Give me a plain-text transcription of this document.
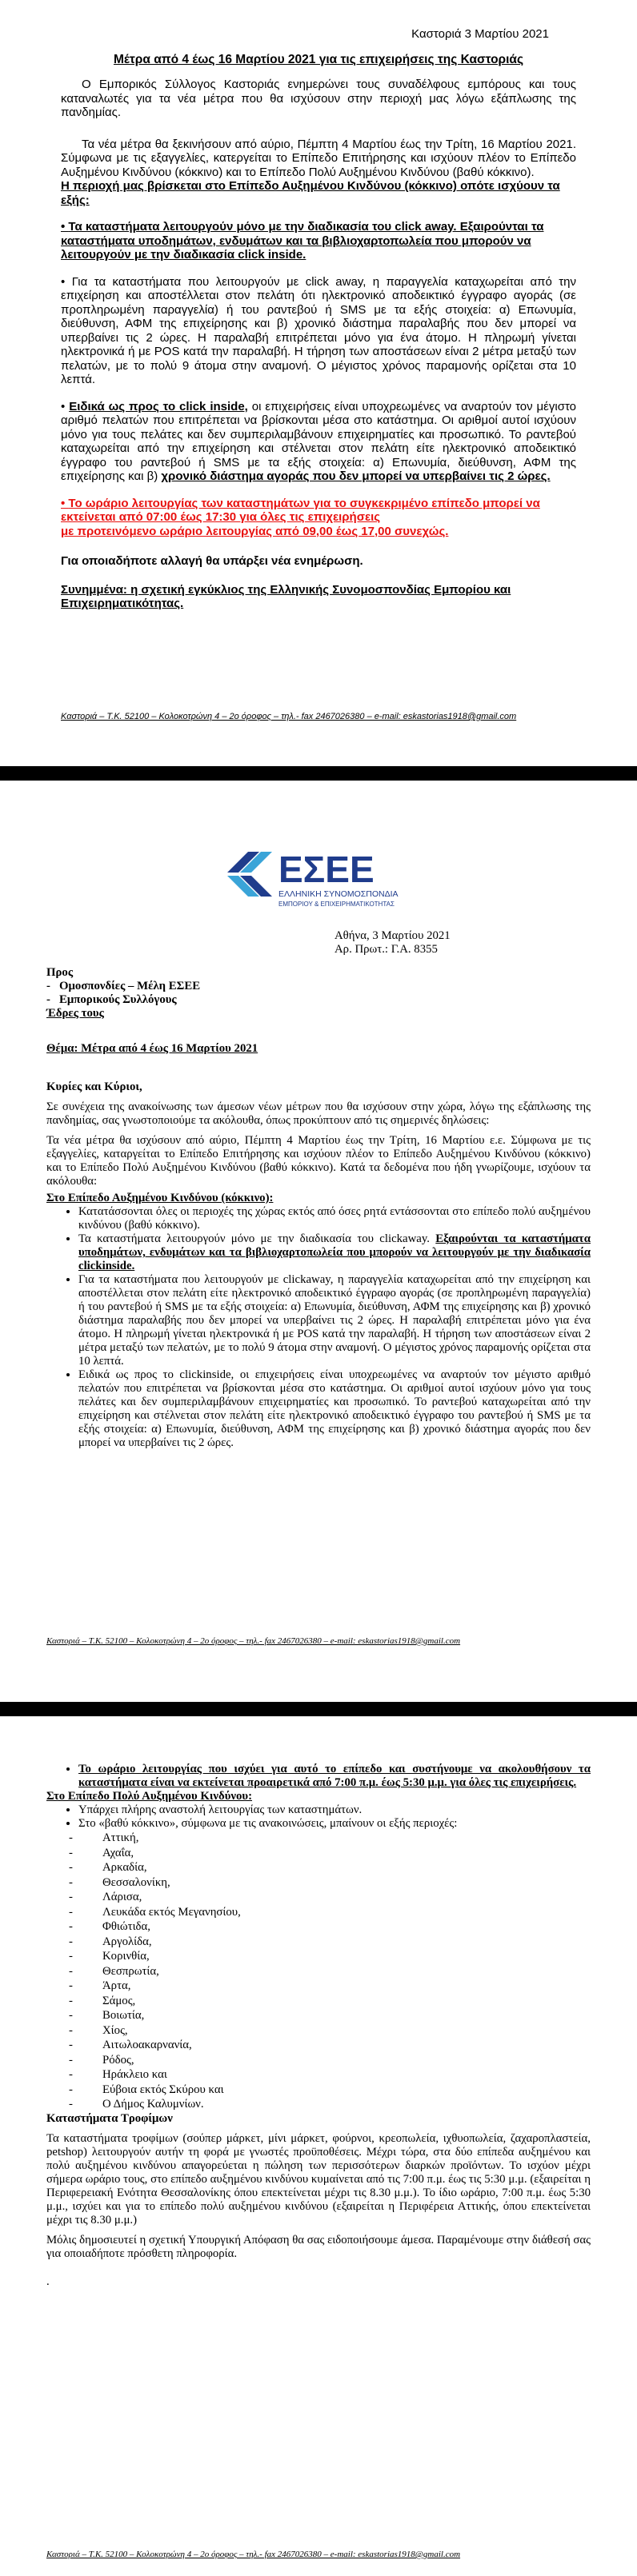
Καστοριά 3 Μαρτίου 2021
Μέτρα από 4 έως 16 Μαρτίου 2021 για τις επιχειρήσεις της Καστοριάς

Ο Εμπορικός Σύλλογος Καστοριάς ενημερώνει τους συναδέλφους εμπόρους και τους καταναλωτές για τα νέα μέτρα που θα ισχύσουν στην περιοχή μας λόγω εξάπλωσης της πανδημίας.

Τα νέα μέτρα θα ξεκινήσουν από αύριο, Πέμπτη 4 Μαρτίου έως την Τρίτη, 16 Μαρτίου 2021. Σύμφωνα με τις εξαγγελίες, κατεργείται το Επίπεδο Επιτήρησης και ισχύουν πλέον το Επίπεδο Αυξημένου Κινδύνου (κόκκινο) και το Επίπεδο Πολύ Αυξημένου Κινδύνου (βαθύ κόκκινο).

Η περιοχή μας βρίσκεται στο Επίπεδο Αυξημένου Κινδύνου (κόκκινο) οπότε ισχύουν τα εξής:

• Τα καταστήματα λειτουργούν μόνο με την διαδικασία του click away. Εξαιρούνται τα καταστήματα υποδημάτων, ενδυμάτων και τα βιβλιοχαρτοπωλεία που μπορούν να λειτουργούν με την διαδικασία click inside.

• Για τα καταστήματα που λειτουργούν με click away, η παραγγελία καταχωρείται από την επιχείρηση και αποστέλλεται στον πελάτη ότι ηλεκτρονικό αποδεικτικό έγγραφο αγοράς (σε προπληρωμένη παραγγελία) ή του ραντεβού ή SMS με τα εξής στοιχεία: α) Επωνυμία, διεύθυνση, ΑΦΜ της επιχείρησης και β) χρονικό διάστημα παραλαβής που δεν μπορεί να υπερβαίνει τις 2 ώρες. Η παραλαβή επιτρέπεται μόνο για ένα άτομο. Η πληρωμή γίνεται ηλεκτρονικά ή με POS κατά την παραλαβή. Η τήρηση των αποστάσεων είναι 2 μέτρα μεταξύ των πελατών, με το πολύ 9 άτομα στην αναμονή. Ο μέγιστος χρόνος παραμονής ορίζεται στα 10 λεπτά.

• Ειδικά ως προς το click inside, οι επιχειρήσεις είναι υποχρεωμένες να αναρτούν τον μέγιστο αριθμό πελατών που επιτρέπεται να βρίσκονται μέσα στο κατάστημα. Οι αριθμοί αυτοί ισχύουν μόνο για τους πελάτες και δεν συμπεριλαμβάνουν επιχειρηματίες και προσωπικό. Το ραντεβού καταχωρείται από την επιχείρηση και στέλνεται στον πελάτη είτε ηλεκτρονικό αποδεικτικό έγγραφο του ραντεβού ή SMS με τα εξής στοιχεία: α) Επωνυμία, διεύθυνση, ΑΦΜ της επιχείρησης και β) χρονικό διάστημα αγοράς που δεν μπορεί να υπερβαίνει τις 2 ώρες.

• Το ωράριο λειτουργίας των καταστημάτων για το συγκεκριμένο επίπεδο μπορεί να εκτείνεται από 07:00 έως 17:30 για όλες τις επιχειρήσεις
με προτεινόμενο ωράριο λειτουργίας από 09,00 έως 17,00 συνεχώς.

Για οποιαδήποτε αλλαγή θα υπάρξει νέα ενημέρωση.

Συνημμένα: η σχετική εγκύκλιος της Ελληνικής Συνομοσπονδίας Εμπορίου και Επιχειρηματικότητας.

Καστοριά – Τ.Κ. 52100 – Κολοκοτρώνη 4 – 2ο όροφος – τηλ.- fax 2467026380 – e-mail: eskastorias1918@gmail.com
ΕΣΕΕ
ΕΛΛΗΝΙΚΗ ΣΥΝΟΜΟΣΠΟΝΔΙΑ
ΕΜΠΟΡΙΟΥ & ΕΠΙΧΕΙΡΗΜΑΤΙΚΟΤΗΤΑΣ
Αθήνα, 3 Μαρτίου 2021
Αρ. Πρωτ.: Γ.Α. 8355
Προς
-   Ομοσπονδίες – Μέλη ΕΣΕΕ
-   Εμπορικούς Συλλόγους
Έδρες τους
Θέμα: Μέτρα από 4 έως 16 Μαρτίου 2021

Κυρίες και Κύριοι,

Σε συνέχεια της ανακοίνωσης των άμεσων νέων μέτρων που θα ισχύσουν στην χώρα, λόγω της εξάπλωσης της πανδημίας, σας γνωστοποιούμε τα ακόλουθα, όπως προκύπτουν από τις σημερινές δηλώσεις:

Τα νέα μέτρα θα ισχύσουν από αύριο, Πέμπτη 4 Μαρτίου έως την Τρίτη, 16 Μαρτίου ε.ε. Σύμφωνα με τις εξαγγελίες, καταργείται το Επίπεδο Επιτήρησης και ισχύουν πλέον το Επίπεδο Αυξημένου Κινδύνου (κόκκινο) και το Επίπεδο Πολύ Αυξημένου Κινδύνου (βαθύ κόκκινο). Κατά τα δεδομένα που ήδη γνωρίζουμε, ισχύουν τα ακόλουθα:

Στο Επίπεδο Αυξημένου Κινδύνου (κόκκινο):

• Κατατάσσονται όλες οι περιοχές της χώρας εκτός από όσες ρητά εντάσσονται στο επίπεδο πολύ αυξημένου κινδύνου (βαθύ κόκκινο).
• Τα καταστήματα λειτουργούν μόνο με την διαδικασία του clickaway. Εξαιρούνται τα καταστήματα υποδημάτων, ενδυμάτων και τα βιβλιοχαρτοπωλεία που μπορούν να λειτουργούν με την διαδικασία clickinside.
• Για τα καταστήματα που λειτουργούν με clickaway, η παραγγελία καταχωρείται από την επιχείρηση και αποστέλλεται στον πελάτη είτε ηλεκτρονικό αποδεικτικό έγγραφο αγοράς (σε προπληρωμένη παραγγελία) ή του ραντεβού ή SMS με τα εξής στοιχεία: α) Επωνυμία, διεύθυνση, ΑΦΜ της επιχείρησης και β) χρονικό διάστημα παραλαβής που δεν μπορεί να υπερβαίνει τις 2 ώρες. Η παραλαβή επιτρέπεται μόνο για ένα άτομο. Η πληρωμή γίνεται ηλεκτρονικά ή με POS κατά την παραλαβή. Η τήρηση των αποστάσεων είναι 2 μέτρα μεταξύ των πελατών, με το πολύ 9 άτομα στην αναμονή. Ο μέγιστος χρόνος παραμονής ορίζεται στα 10 λεπτά.
• Ειδικά ως προς το clickinside, οι επιχειρήσεις είναι υποχρεωμένες να αναρτούν τον μέγιστο αριθμό πελατών που επιτρέπεται να βρίσκονται μέσα στο κατάστημα. Οι αριθμοί αυτοί ισχύουν μόνο για τους πελάτες και δεν συμπεριλαμβάνουν επιχειρηματίες και προσωπικό. Το ραντεβού καταχωρείται από την επιχείρηση και στέλνεται στον πελάτη είτε ηλεκτρονικό αποδεικτικό έγγραφο του ραντεβού ή SMS με τα εξής στοιχεία: α) Επωνυμία, διεύθυνση, ΑΦΜ της επιχείρησης και β) χρονικό διάστημα αγοράς που δεν μπορεί να υπερβαίνει τις 2 ώρες.
Καστοριά – Τ.Κ. 52100 – Κολοκοτρώνη 4 – 2ο όροφος – τηλ.- fax 2467026380 – e-mail: eskastorias1918@gmail.com
• Το ωράριο λειτουργίας που ισχύει για αυτό το επίπεδο και συστήνουμε να ακολουθήσουν τα καταστήματα είναι να εκτείνεται προαιρετικά από 7:00 π.μ. έως 5:30 μ.μ. για όλες τις επιχειρήσεις.

Στο Επίπεδο Πολύ Αυξημένου Κινδύνου:

• Υπάρχει πλήρης αναστολή λειτουργίας των καταστημάτων.
• Στο «βαθύ κόκκινο», σύμφωνα με τις ανακοινώσεις, μπαίνουν οι εξής περιοχές:
- Αττική,
- Αχαΐα,
- Αρκαδία,
- Θεσσαλονίκη,
- Λάρισα,
- Λευκάδα εκτός Μεγανησίου,
- Φθιώτιδα,
- Αργολίδα,
- Κορινθία,
- Θεσπρωτία,
- Άρτα,
- Σάμος,
- Βοιωτία,
- Χίος,
- Αιτωλοακαρνανία,
- Ρόδος,
- Ηράκλειο και
- Εύβοια εκτός Σκύρου και
- Ο Δήμος Καλυμνίων.

Καταστήματα Τροφίμων

Τα καταστήματα τροφίμων (σούπερ μάρκετ, μίνι μάρκετ, φούρνοι, κρεοπωλεία, ιχθυοπωλεία, ζαχαροπλαστεία, petshop) λειτουργούν αυτήν τη φορά με γνωστές προϋποθέσεις. Μέχρι τώρα, στα δύο επίπεδα αυξημένου και πολύ αυξημένου κινδύνου απαγορεύεται η πώληση των περισσότερων διαρκών προϊόντων. Το ισχύον μέχρι σήμερα ωράριο τους, στο επίπεδο αυξημένου κινδύνου κυμαίνεται από τις 7:00 π.μ. έως τις 5:30 μ.μ. (εξαιρείται η Περιφερειακή Ενότητα Θεσσαλονίκης όπου επεκτείνεται μέχρι τις 8.30 μ.μ.). Το ίδιο ωράριο, 7:00 π.μ. έως 5:30 μ.μ., ισχύει και για το επίπεδο πολύ αυξημένου κινδύνου (εξαιρείται η Περιφέρεια Αττικής, όπου επεκτείνεται μέχρι τις 8.30 μ.μ.)

Μόλις δημοσιευτεί η σχετική Υπουργική Απόφαση θα σας ειδοποιήσουμε άμεσα. Παραμένουμε στην διάθεσή σας για οποιαδήποτε πρόσθετη πληροφορία.

.

Καστοριά – Τ.Κ. 52100 – Κολοκοτρώνη 4 – 2ο όροφος – τηλ.- fax 2467026380 – e-mail: eskastorias1918@gmail.com
